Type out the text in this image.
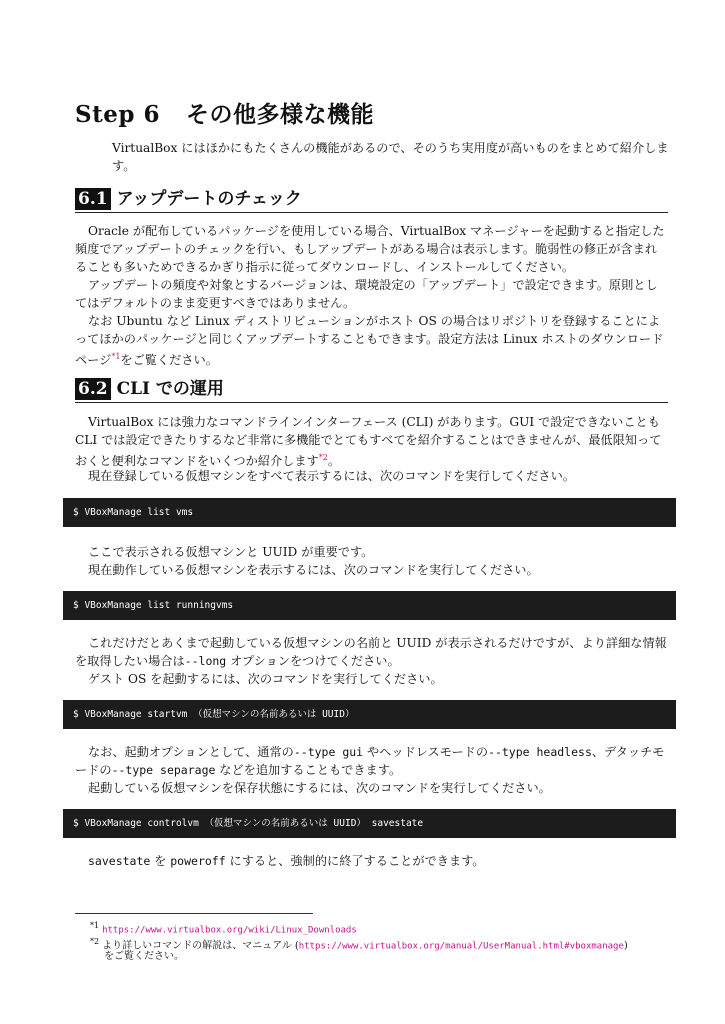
Step 6 その他多様な機能

VirtualBox にはほかにもたくさんの機能があるので、そのうち実用度が高いものをまとめて紹介します。

6.1 アップデートのチェック

Oracle が配布しているパッケージを使用している場合、VirtualBox マネージャーを起動すると指定した頻度でアップデートのチェックを行い、もしアップデートがある場合は表示します。脆弱性の修正が含まれることも多いためできるかぎり指示に従ってダウンロードし、インストールしてください。

アップデートの頻度や対象とするバージョンは、環境設定の「アップデート」で設定できます。原則としてはデフォルトのまま変更すべきではありません。

なお Ubuntu など Linux ディストリビューションがホスト OS の場合はリポジトリを登録することによってほかのパッケージと同じくアップデートすることもできます。設定方法は Linux ホストのダウンロードページ$^{*1}$をご覧ください。

6.2 CLI での運用

VirtualBox には強力なコマンドラインインターフェース (CLI) があります。GUI で設定できないことも CLI では設定できたりするなど非常に多機能でとてもすべてを紹介することはできませんが、最低限知っておくと便利なコマンドをいくつか紹介します$^{*2}$。

現在登録している仮想マシンをすべて表示するには、次のコマンドを実行してください。

$ VBoxManage list vms

ここで表示される仮想マシンと UUID が重要です。

現在動作している仮想マシンを表示するには、次のコマンドを実行してください。

$ VBoxManage list runningvms

これだけだとあくまで起動している仮想マシンの名前と UUID が表示されるだけですが、より詳細な情報を取得したい場合は--long オプションをつけてください。

ゲスト OS を起動するには、次のコマンドを実行してください。

$ VBoxManage startvm （仮想マシンの名前あるいは UUID）

なお、起動オプションとして、通常の--type gui やヘッドレスモードの--type headless、デタッチモードの--type separage などを追加することもできます。

起動している仮想マシンを保存状態にするには、次のコマンドを実行してください。

$ VBoxManage controlvm （仮想マシンの名前あるいは UUID） savestate

savestate を poweroff にすると、強制的に終了することができます。

$^{*1}$ https://www.virtualbox.org/wiki/Linux_Downloads
$^{*2}$ より詳しいコマンドの解説は、マニュアル (https://www.virtualbox.org/manual/UserManual.html#vboxmanage)
をご覧ください。
